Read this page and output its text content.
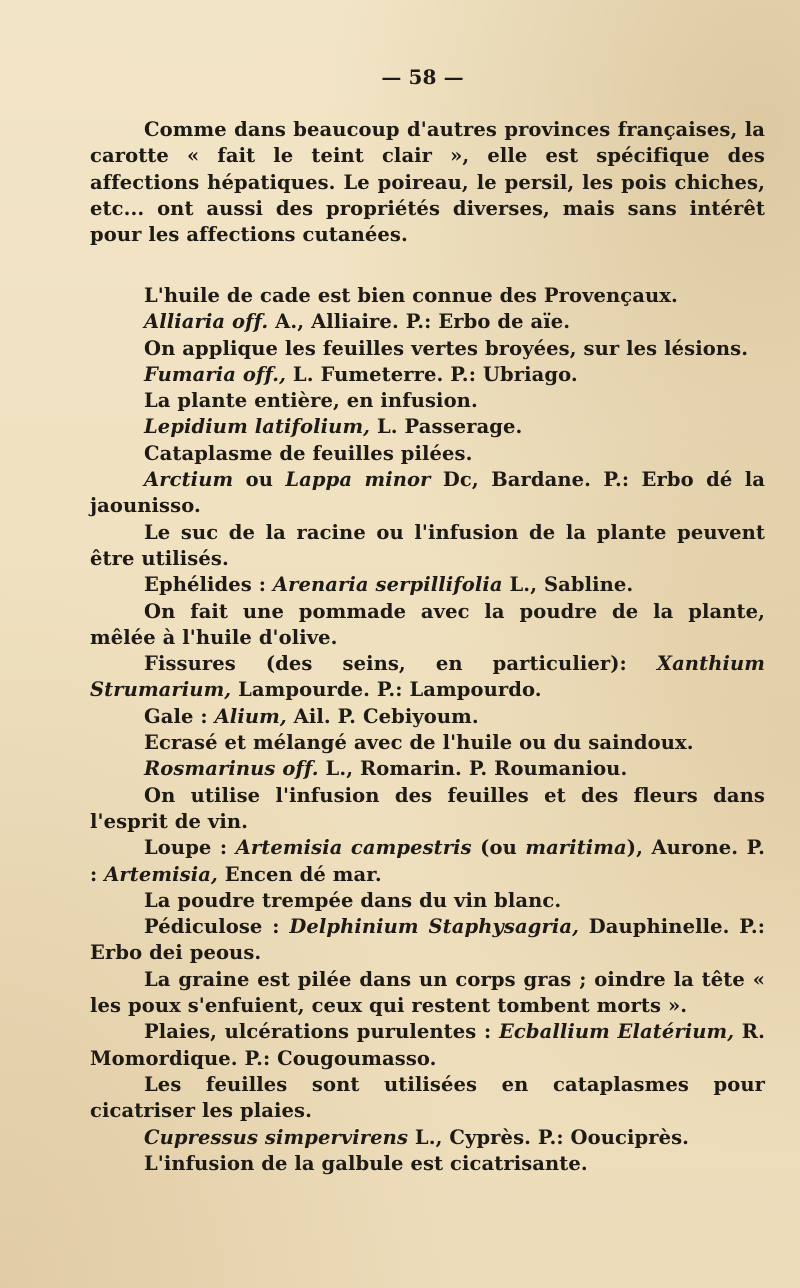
— 58 —

Comme dans beaucoup d'autres provinces françaises, la carotte « fait le teint clair », elle est spécifique des affections hépatiques. Le poireau, le persil, les pois chiches, etc... ont aussi des propriétés diverses, mais sans intérêt pour les affections cutanées.

L'huile de cade est bien connue des Provençaux.

Alliaria off. A., Alliaire. P.: Erbo de aïe.

On applique les feuilles vertes broyées, sur les lésions.

Fumaria off., L. Fumeterre. P.: Ubriago.

La plante entière, en infusion.

Lepidium latifolium, L. Passerage.

Cataplasme de feuilles pilées.

Arctium ou Lappa minor Dc, Bardane. P.: Erbo dé la jaounisso.

Le suc de la racine ou l'infusion de la plante peuvent être utilisés.

Ephélides : Arenaria serpillifolia L., Sabline.

On fait une pommade avec la poudre de la plante, mêlée à l'huile d'olive.

Fissures (des seins, en particulier): Xanthium Strumarium, Lampourde. P.: Lampourdo.

Gale : Alium, Ail. P. Cebiyoum.

Ecrasé et mélangé avec de l'huile ou du saindoux.

Rosmarinus off. L., Romarin. P. Roumaniou.

On utilise l'infusion des feuilles et des fleurs dans l'esprit de vin.

Loupe : Artemisia campestris (ou maritima), Aurone. P. : Artemisia, Encen dé mar.

La poudre trempée dans du vin blanc.

Pédiculose : Delphinium Staphysagria, Dauphinelle. P.: Erbo dei peous.

La graine est pilée dans un corps gras ; oindre la tête « les poux s'enfuient, ceux qui restent tombent morts ».

Plaies, ulcérations purulentes : Ecballium Elatérium, R. Momordique. P.: Cougoumasso.

Les feuilles sont utilisées en cataplasmes pour cicatriser les plaies.

Cupressus simpervirens L., Cyprès. P.: Oouciprès.

L'infusion de la galbule est cicatrisante.
